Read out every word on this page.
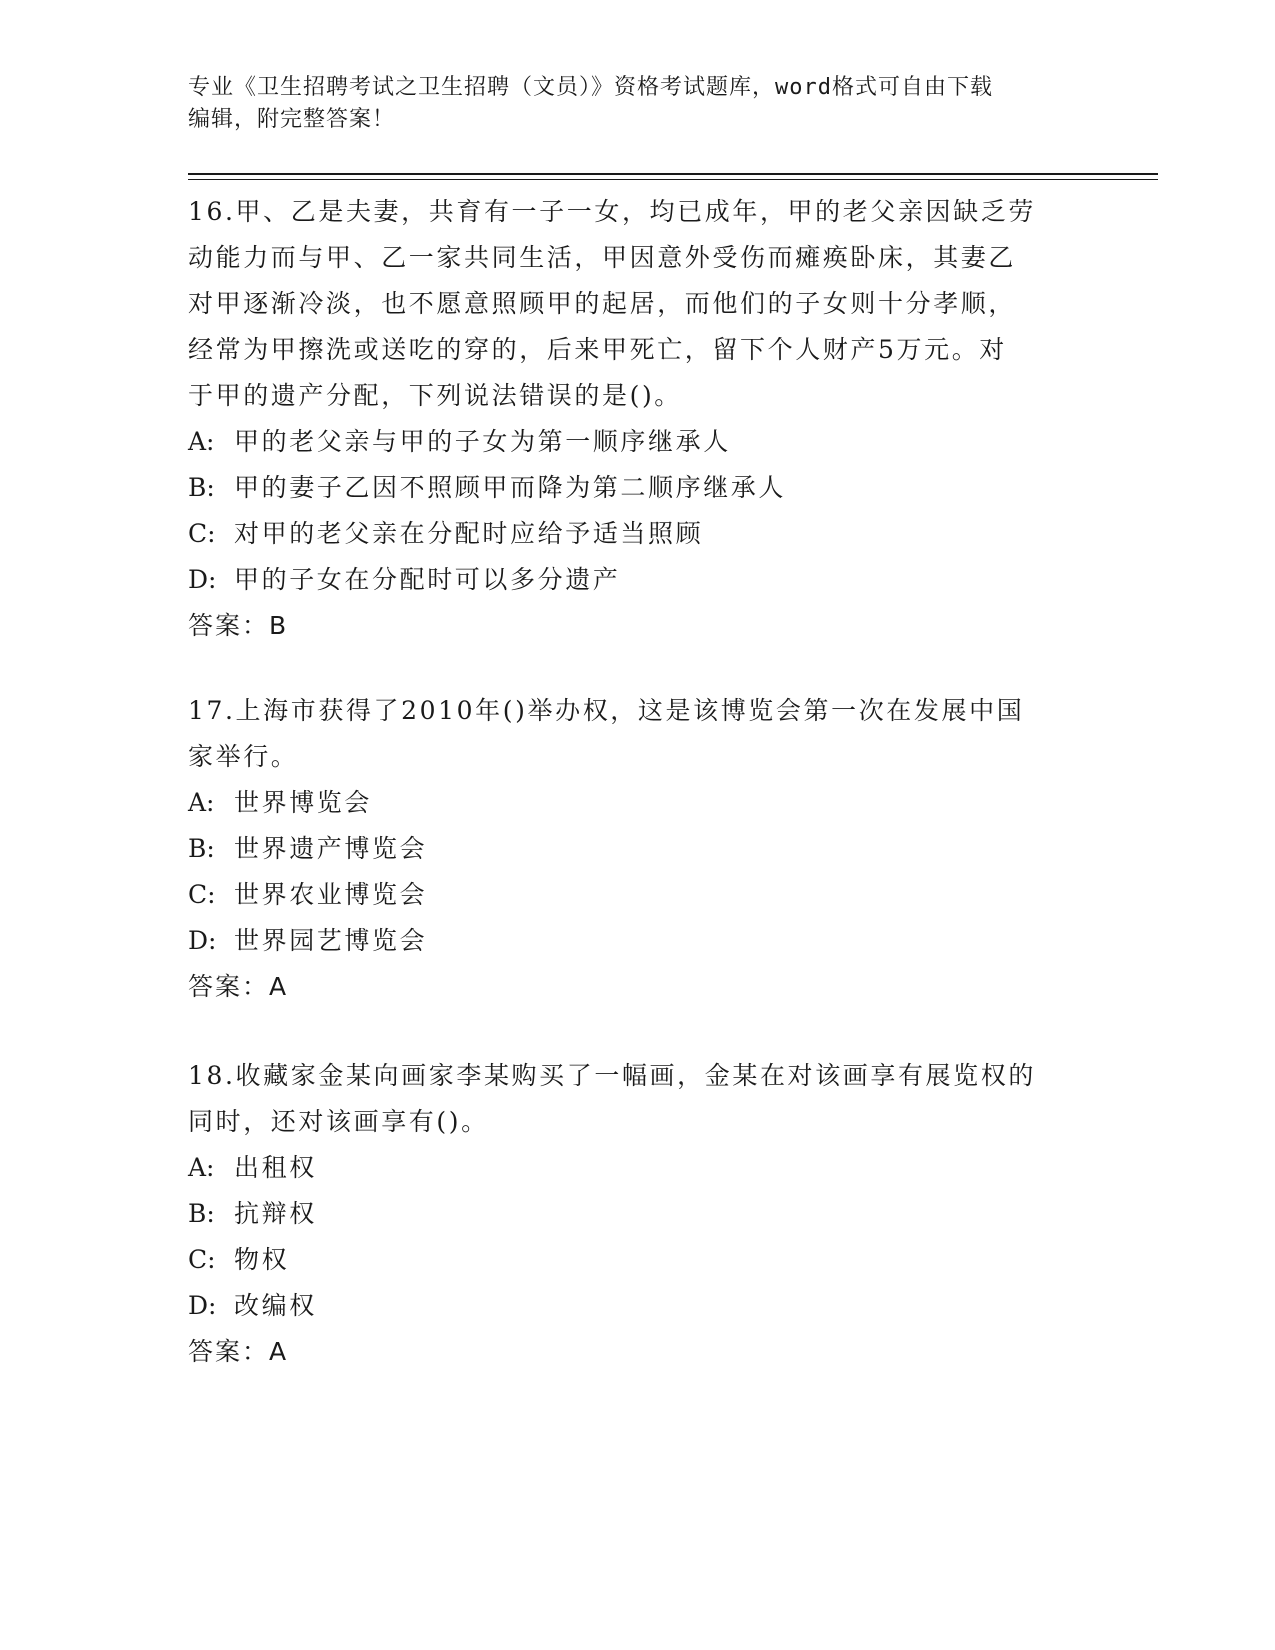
专业《卫生招聘考试之卫生招聘（文员）》资格考试题库，word格式可自由下载
编辑，附完整答案！
16.甲、乙是夫妻，共育有一子一女，均已成年，甲的老父亲因缺乏劳
动能力而与甲、乙一家共同生活，甲因意外受伤而瘫痪卧床，其妻乙
对甲逐渐冷淡，也不愿意照顾甲的起居，而他们的子女则十分孝顺，
经常为甲擦洗或送吃的穿的，后来甲死亡，留下个人财产5万元。对
于甲的遗产分配，下列说法错误的是()。
A: 甲的老父亲与甲的子女为第一顺序继承人
B: 甲的妻子乙因不照顾甲而降为第二顺序继承人
C: 对甲的老父亲在分配时应给予适当照顾
D: 甲的子女在分配时可以多分遗产
答案：B
17.上海市获得了2010年()举办权，这是该博览会第一次在发展中国
家举行。
A: 世界博览会
B: 世界遗产博览会
C: 世界农业博览会
D: 世界园艺博览会
答案：A
18.收藏家金某向画家李某购买了一幅画，金某在对该画享有展览权的
同时，还对该画享有()。
A: 出租权
B: 抗辩权
C: 物权
D: 改编权
答案：A
